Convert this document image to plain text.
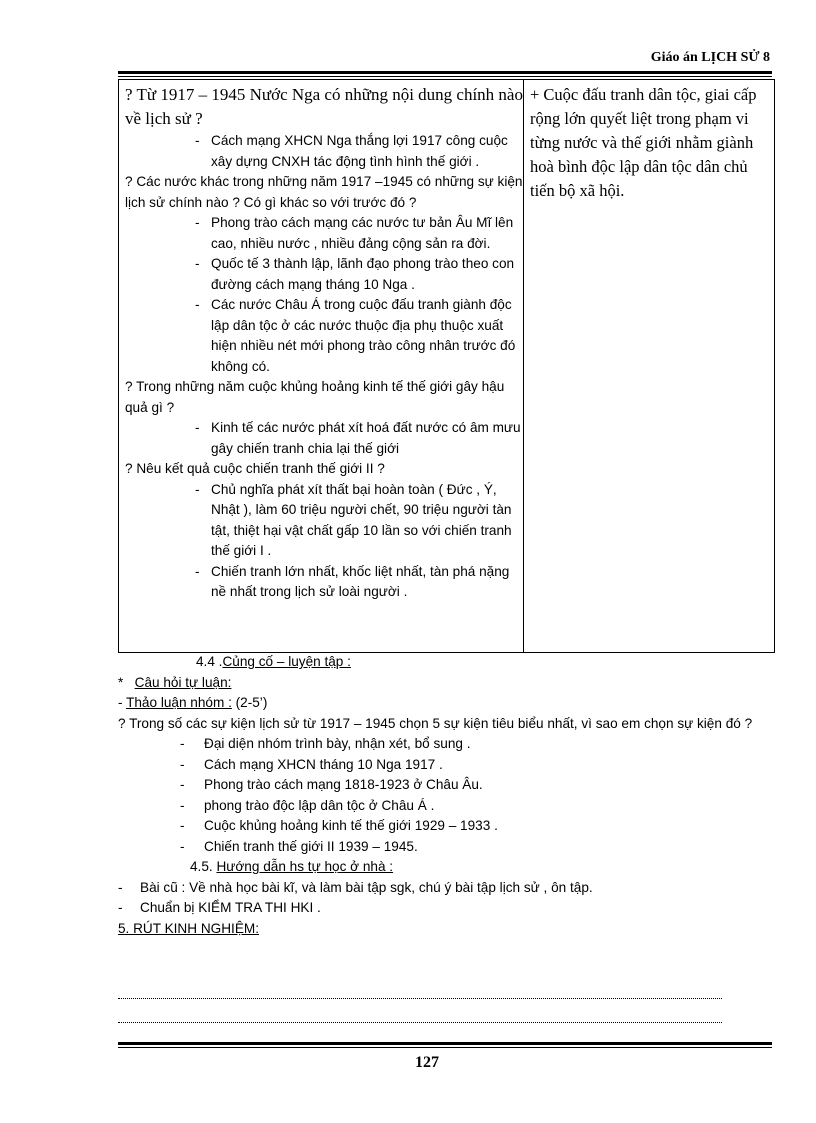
Giáo án LỊCH SỬ 8
? Từ 1917 – 1945 Nước Nga có những nội dung chính nào về lịch sử ?
- Cách mạng XHCN Nga thắng lợi 1917 công cuộc xây dựng CNXH tác động tình hình thế giới .
? Các nước khác trong những năm 1917 –1945 có những sự kiện lịch sử chính nào ? Có gì khác so với trước đó ?
- Phong trào cách mạng các nước tư bản Âu Mĩ lên cao, nhiều nước , nhiều đảng cộng sản ra đời.
- Quốc tế 3 thành lập, lãnh đạo phong trào theo con đường cách mạng tháng 10 Nga .
- Các nước Châu Á trong cuộc đấu tranh giành độc lập dân tộc ở các nước thuộc địa phụ thuộc xuất hiện nhiều nét mới phong trào công nhân trước đó không có.
? Trong những năm cuộc khủng hoảng kinh tế thế giới gây hậu quả gì ?
- Kinh tế các nước phát xít hoá đất nước có âm mưu gây chiến tranh chia lại thế giới
? Nêu kết quả cuộc chiến tranh thế giới II ?
- Chủ nghĩa phát xít thất bại hoàn toàn ( Đức , Ý, Nhật ), làm 60 triệu người chết, 90 triệu người tàn tật, thiệt hại vật chất gấp 10 lần so với chiến tranh thế giới I .
- Chiến tranh lớn nhất, khốc liệt nhất, tàn phá nặng nề nhất trong lịch sử loài người .

+ Cuộc đấu tranh dân tộc, giai cấp rộng lớn quyết liệt trong phạm vi từng nước và thế giới nhằm giành hoà bình độc lập dân tộc dân chủ tiến bộ xã hội.

4.4 .Củng cố – luyện tập :

* Câu hỏi tự luận:

- Thảo luận nhóm : (2-5’)

? Trong số các sự kiện lịch sử từ 1917 – 1945 chọn 5 sự kiện tiêu biểu nhất, vì sao em chọn sự kiện đó ?

- Đại diện nhóm trình bày, nhận xét, bổ sung .
- Cách mạng XHCN tháng 10 Nga 1917 .
- Phong trào cách mạng 1818-1923 ở Châu Âu.
- phong trào độc lập dân tộc ở Châu Á .
- Cuộc khủng hoảng kinh tế thế giới 1929 – 1933 .
- Chiến tranh thế giới II 1939 – 1945.

4.5. Hướng dẫn hs tự học ở nhà :

- Bài cũ : Về nhà học bài kĩ, và làm bài tập sgk, chú ý bài tập lịch sử , ôn tập.

- Chuẩn bị KIỂM TRA THI HKI .

5. RÚT KINH NGHIỆM:

127
